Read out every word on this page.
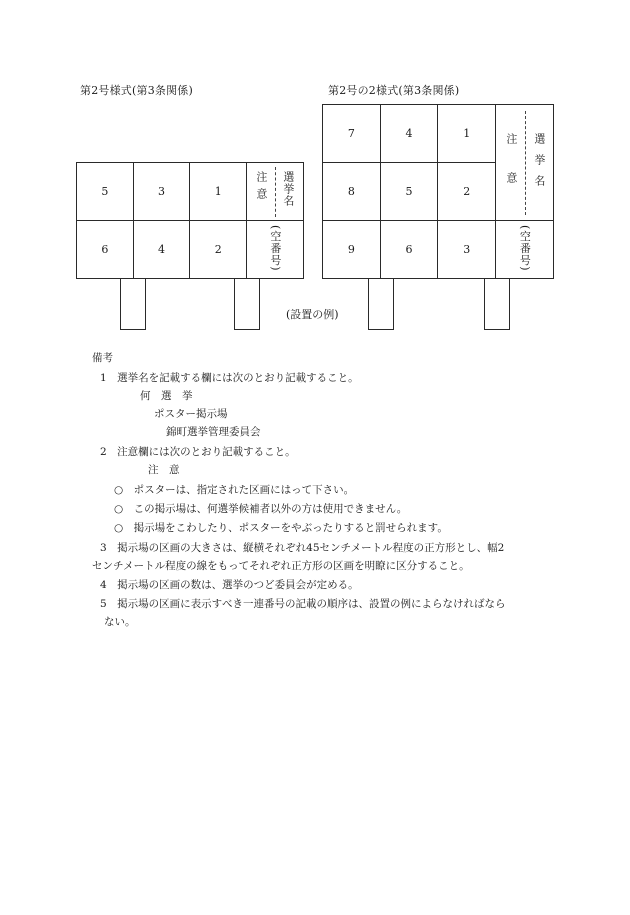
第2号様式(第3条関係)
5	3	1	注意 選挙名

6	4	2	(空番号)
(設置の例)
第2号の2様式(第3条関係)
7	4	1	注意 選挙名

8	5	2	
9	6	3	(空番号)
備考
1　選挙名を記載する欄には次のとおり記載すること。
何　選　挙
ポスター掲示場
錦町選挙管理委員会
2　注意欄には次のとおり記載すること。
注　意
○　ポスターは、指定された区画にはって下さい。
○　この掲示場は、何選挙候補者以外の方は使用できません。
○　掲示場をこわしたり、ポスターをやぶったりすると罰せられます。
3　掲示場の区画の大きさは、縦横それぞれ45センチメートル程度の正方形とし、幅2
センチメートル程度の線をもってそれぞれ正方形の区画を明瞭に区分すること。
4　掲示場の区画の数は、選挙のつど委員会が定める。
5　掲示場の区画に表示すべき一連番号の記載の順序は、設置の例によらなければなら
ない。
